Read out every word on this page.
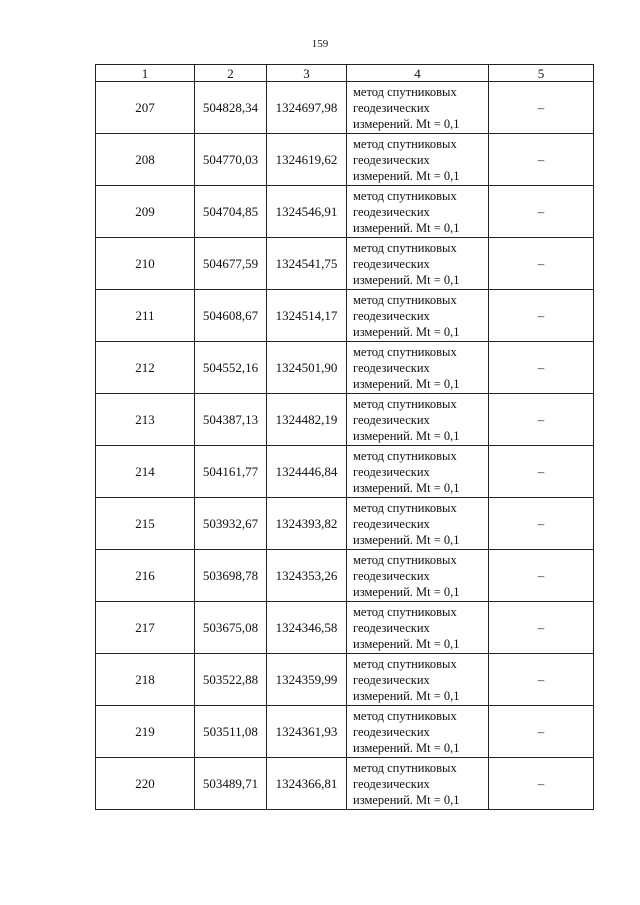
159
1	2	3	4	5
207	504828,34	1324697,98	метод спутниковых
геодезических
измерений. Mt = 0,1	–
208	504770,03	1324619,62	метод спутниковых
геодезических
измерений. Mt = 0,1	–
209	504704,85	1324546,91	метод спутниковых
геодезических
измерений. Mt = 0,1	–
210	504677,59	1324541,75	метод спутниковых
геодезических
измерений. Mt = 0,1	–
211	504608,67	1324514,17	метод спутниковых
геодезических
измерений. Mt = 0,1	–
212	504552,16	1324501,90	метод спутниковых
геодезических
измерений. Mt = 0,1	–
213	504387,13	1324482,19	метод спутниковых
геодезических
измерений. Mt = 0,1	–
214	504161,77	1324446,84	метод спутниковых
геодезических
измерений. Mt = 0,1	–
215	503932,67	1324393,82	метод спутниковых
геодезических
измерений. Mt = 0,1	–
216	503698,78	1324353,26	метод спутниковых
геодезических
измерений. Mt = 0,1	–
217	503675,08	1324346,58	метод спутниковых
геодезических
измерений. Mt = 0,1	–
218	503522,88	1324359,99	метод спутниковых
геодезических
измерений. Mt = 0,1	–
219	503511,08	1324361,93	метод спутниковых
геодезических
измерений. Mt = 0,1	–
220	503489,71	1324366,81	метод спутниковых
геодезических
измерений. Mt = 0,1	–
